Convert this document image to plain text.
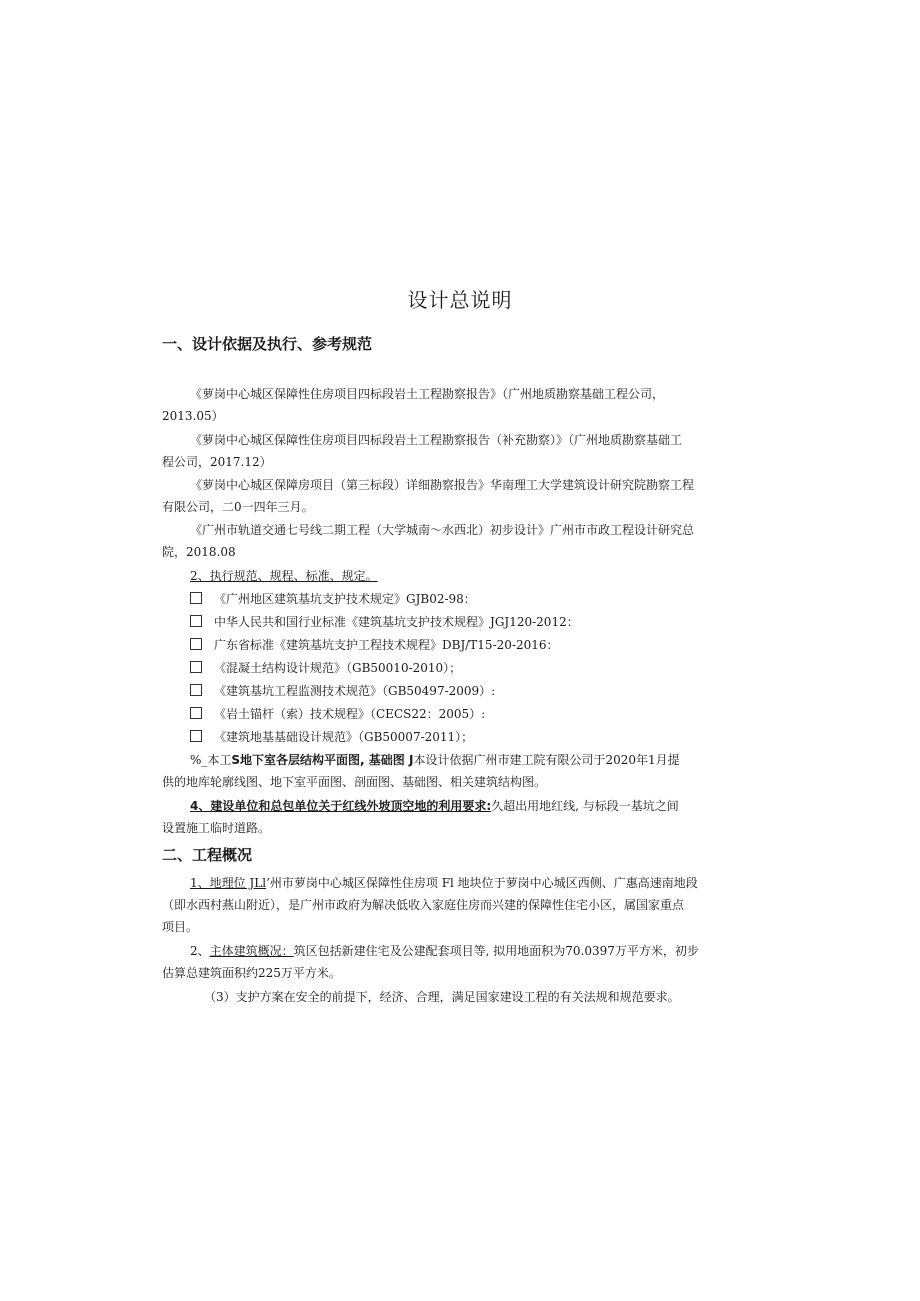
设计总说明
一、设计依据及执行、参考规范
《萝岗中心城区保障性住房项目四标段岩土工程勘察报告》（广州地质勘察基础工程公司，
2013.05）
《萝岗中心城区保障性住房项目四标段岩土工程勘察报告（补充勘察）》（广州地质勘察基础工
程公司，2017.12）
《萝岗中心城区保障房项目（第三标段）详细勘察报告》华南理工大学建筑设计研究院勘察工程
有限公司，二0一四年三月。
《广州市轨道交通七号线二期工程（大学城南～水西北）初步设计》广州市市政工程设计研究总
院，2018.08
2、执行规范、规程、标准、规定。
《广州地区建筑基坑支护技术规定》GJB02-98：
中华人民共和国行业标准《建筑基坑支护技术规程》JGJ120-2012：
广东省标准《建筑基坑支护工程技术规程》DBJ/T15-20-2016：
《混凝土结构设计规范》（GB50010-2010）；
《建筑基坑工程监测技术规范》（GB50497-2009）:
《岩土锚杆（索）技术规程》（CECS22：2005）:
《建筑地基基础设计规范》（GB50007-2011）；
%_本工S地下室各层结构平面图, 基础图 J本设计依据广州市建工院有限公司于2020年1月提
供的地库轮廓线图、地下室平面图、剖面图、基础图、相关建筑结构图。
4、建设单位和总包单位关于红线外坡顶空地的利用要求:久超出用地红线, 与标段一基坑之间
设置施工临时道路。
二、工程概况
1、地理位 JLl’州市萝岗中心城区保障性住房项 Fl 地块位于萝岗中心城区西侧、广惠高速南地段
（即水西村燕山附近），是广州市政府为解决低收入家庭住房而兴建的保障性住宅小区，属国家重点
项目。
2、主体建筑概况：筑区包括新建住宅及公建配套项目等, 拟用地面积为70.0397万平方米，初步
估算总建筑面积约225万平方米。
（3）支护方案在安全的前提下，经济、合理，满足国家建设工程的有关法规和规范要求。
